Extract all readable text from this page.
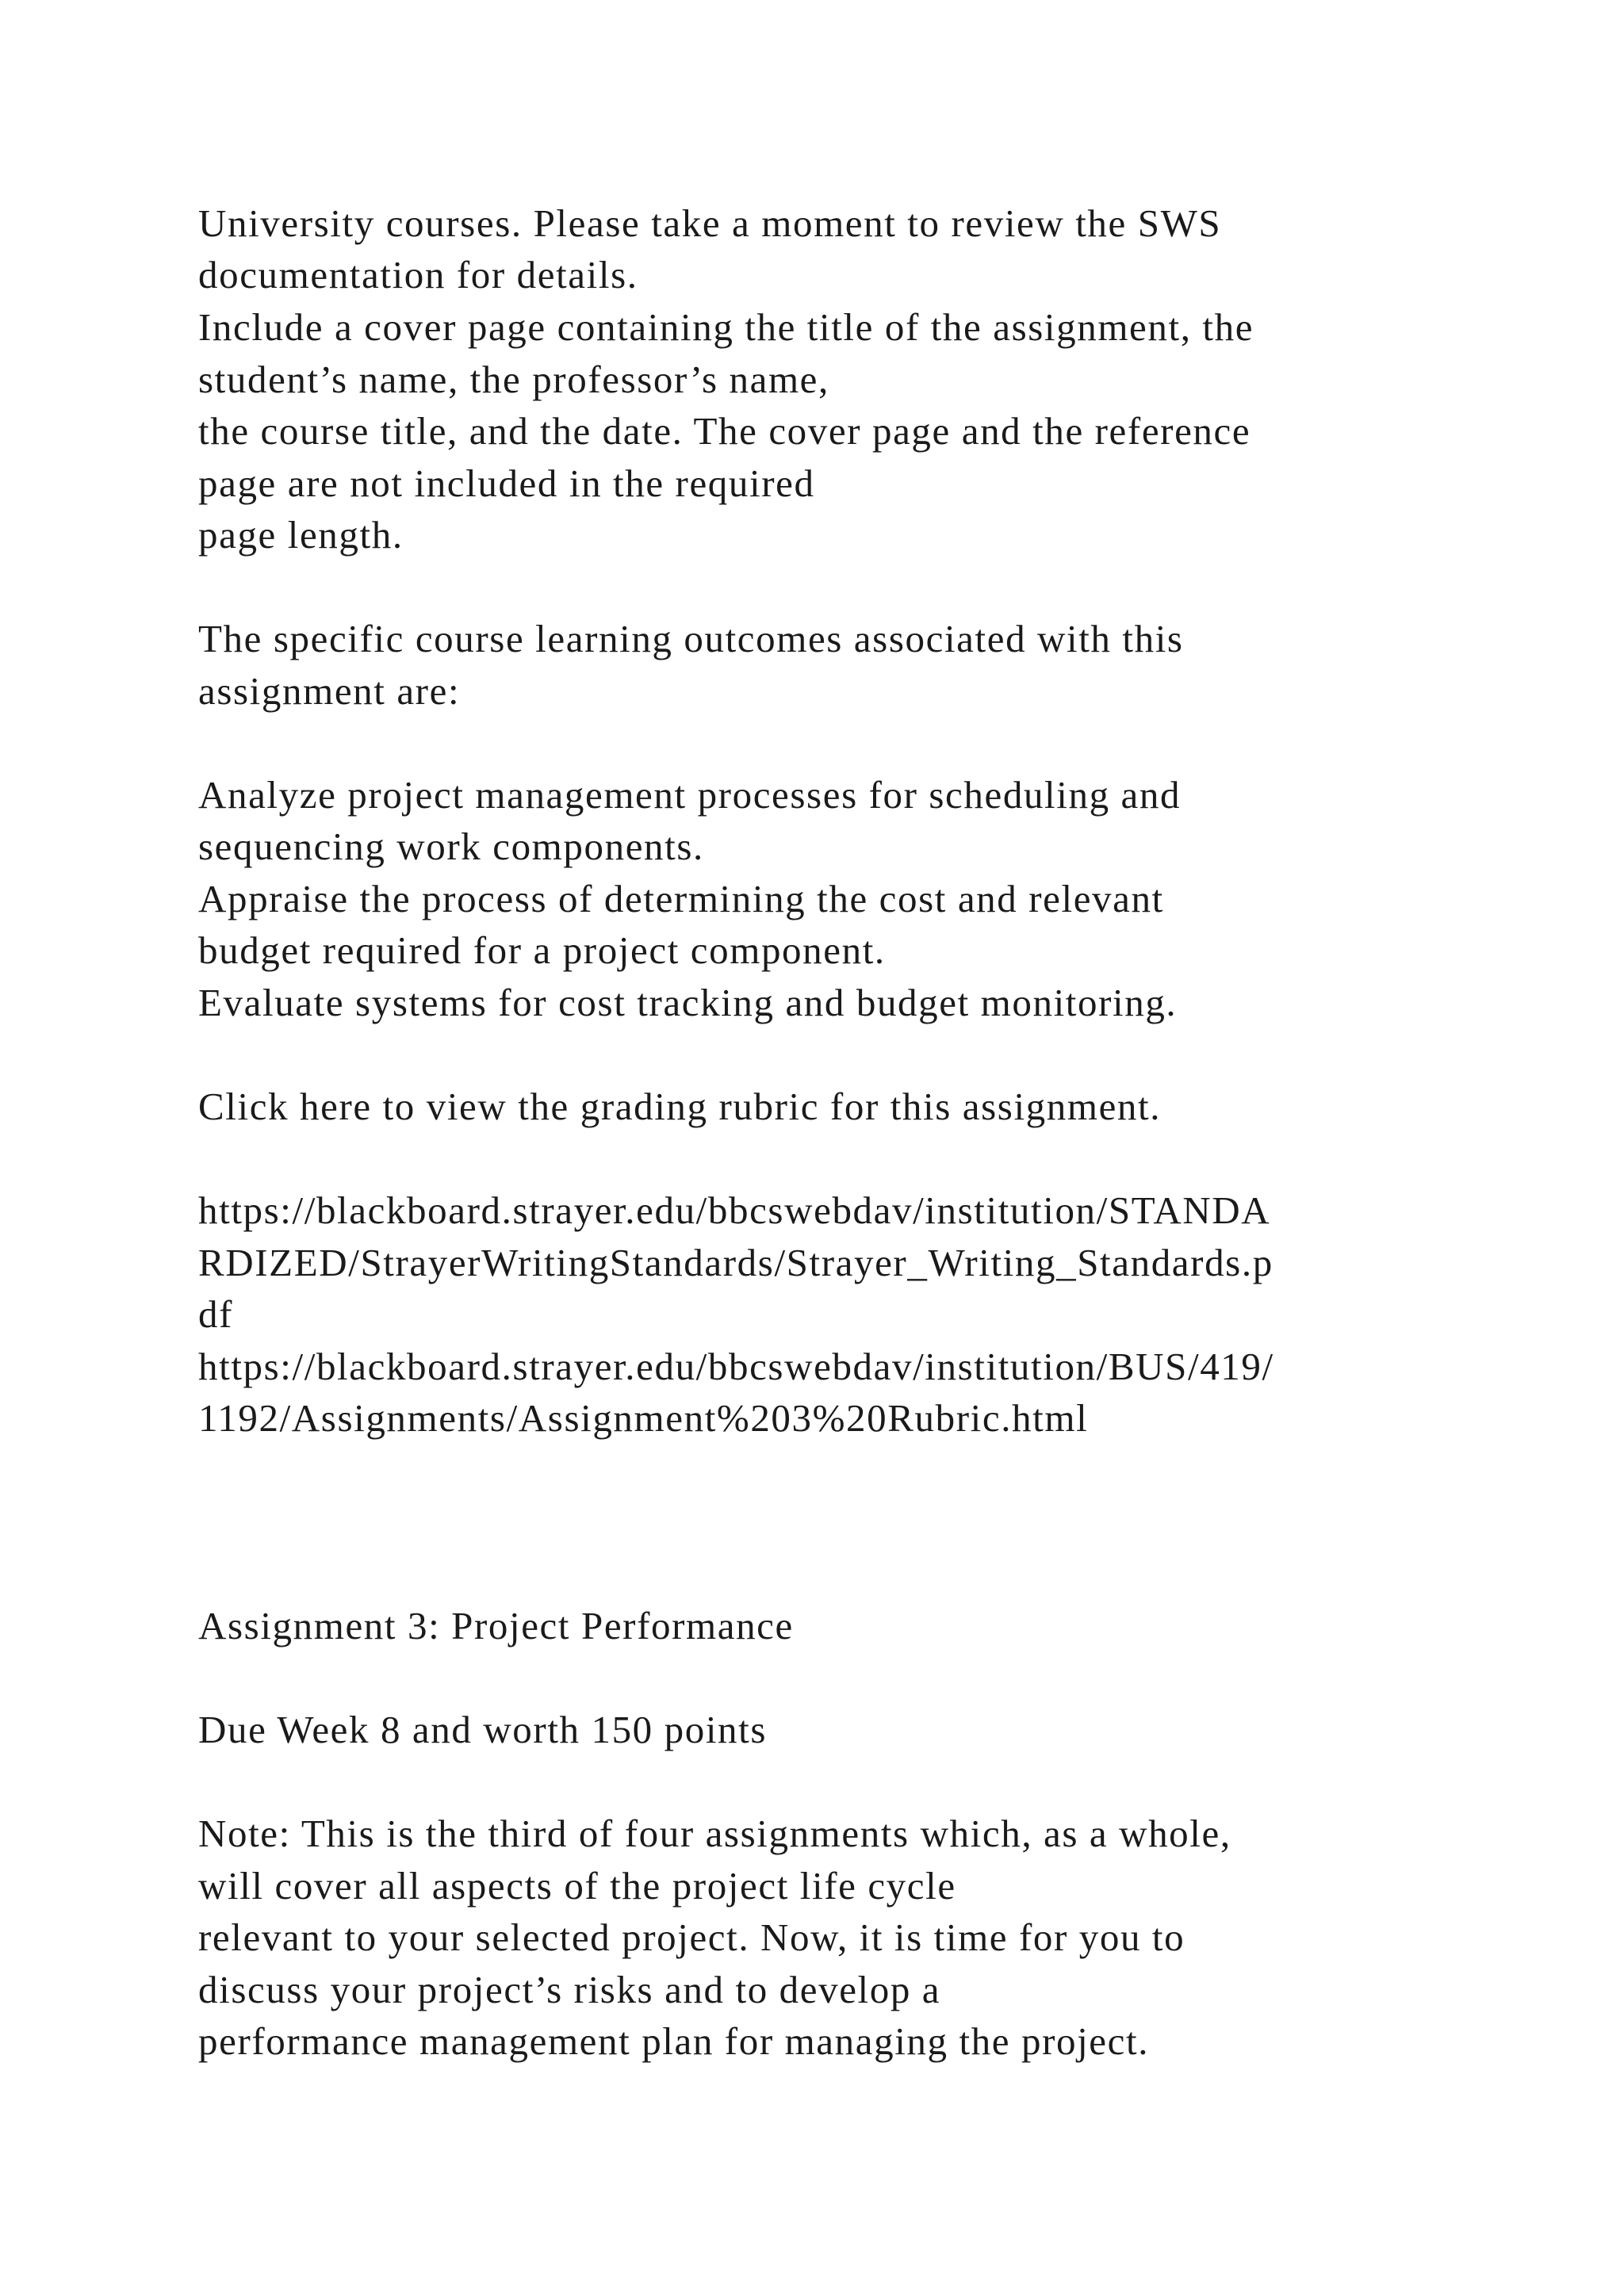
University courses. Please take a moment to review the SWS
documentation for details.
Include a cover page containing the title of the assignment, the
student’s name, the professor’s name,
the course title, and the date. The cover page and the reference
page are not included in the required
page length.
The specific course learning outcomes associated with this
assignment are:
Analyze project management processes for scheduling and
sequencing work components.
Appraise the process of determining the cost and relevant
budget required for a project component.
Evaluate systems for cost tracking and budget monitoring.
Click here to view the grading rubric for this assignment.
https://blackboard.strayer.edu/bbcswebdav/institution/STANDA
RDIZED/StrayerWritingStandards/Strayer_Writing_Standards.p
df
https://blackboard.strayer.edu/bbcswebdav/institution/BUS/419/
1192/Assignments/Assignment%203%20Rubric.html
Assignment 3: Project Performance
Due Week 8 and worth 150 points
Note: This is the third of four assignments which, as a whole,
will cover all aspects of the project life cycle
relevant to your selected project. Now, it is time for you to
discuss your project’s risks and to develop a
performance management plan for managing the project.
